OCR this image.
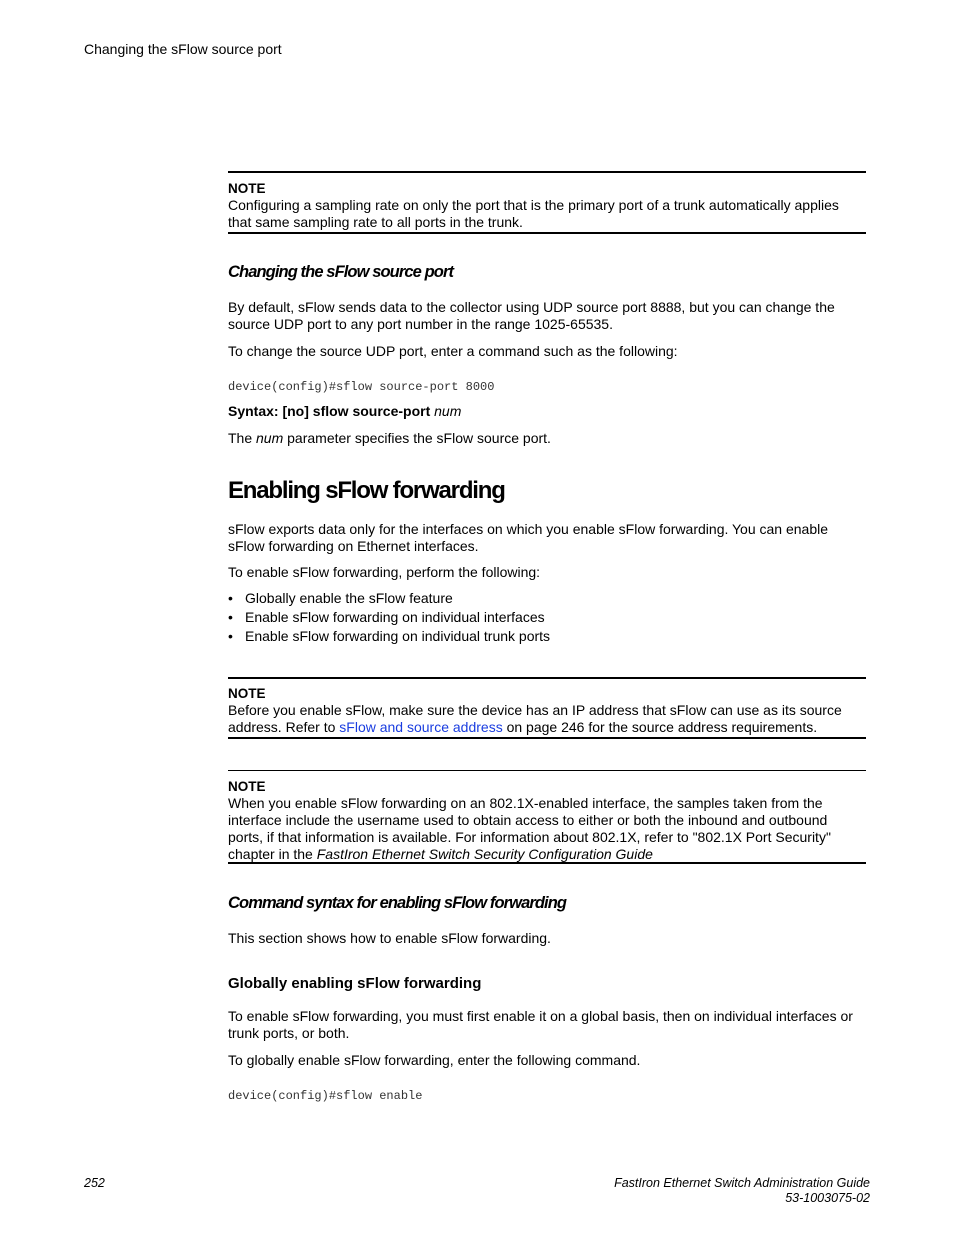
Changing the sFlow source port
NOTE
Configuring a sampling rate on only the port that is the primary port of a trunk automatically applies that same sampling rate to all ports in the trunk.
Changing the sFlow source port
By default, sFlow sends data to the collector using UDP source port 8888, but you can change the source UDP port to any port number in the range 1025-65535.
To change the source UDP port, enter a command such as the following:
device(config)#sflow source-port 8000
Syntax: [no] sflow source-port num
The num parameter specifies the sFlow source port.
Enabling sFlow forwarding
sFlow exports data only for the interfaces on which you enable sFlow forwarding. You can enable sFlow forwarding on Ethernet interfaces.
To enable sFlow forwarding, perform the following:
• Globally enable the sFlow feature
• Enable sFlow forwarding on individual interfaces
• Enable sFlow forwarding on individual trunk ports
NOTE
Before you enable sFlow, make sure the device has an IP address that sFlow can use as its source address. Refer to sFlow and source address on page 246 for the source address requirements.
NOTE
When you enable sFlow forwarding on an 802.1X-enabled interface, the samples taken from the interface include the username used to obtain access to either or both the inbound and outbound ports, if that information is available. For information about 802.1X, refer to "802.1X Port Security" chapter in the FastIron Ethernet Switch Security Configuration Guide
Command syntax for enabling sFlow forwarding
This section shows how to enable sFlow forwarding.
Globally enabling sFlow forwarding
To enable sFlow forwarding, you must first enable it on a global basis, then on individual interfaces or trunk ports, or both.
To globally enable sFlow forwarding, enter the following command.
device(config)#sflow enable
252	FastIron Ethernet Switch Administration Guide
53-1003075-02
